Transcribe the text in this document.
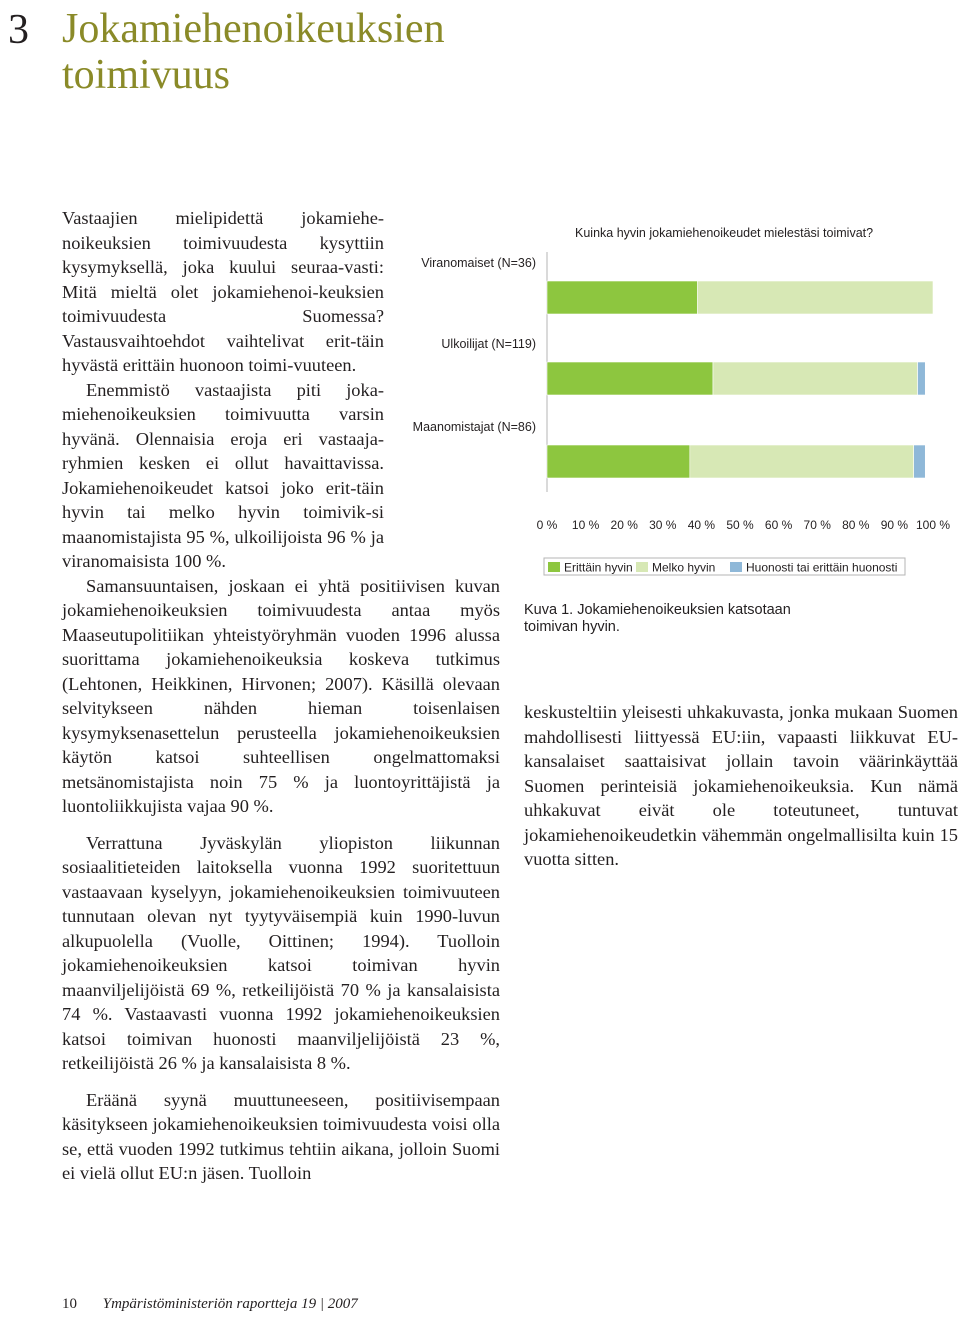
3 Jokamiehenoikeuksien
toimivuus

Vastaajien mielipidettä jokamiehe-noikeuksien toimivuudesta kysyttiin kysymyksellä, joka kuului seuraa-vasti: Mitä mieltä olet jokamiehenoi-keuksien toimivuudesta Suomessa? Vastausvaihtoehdot vaihtelivat erit-täin hyvästä erittäin huonoon toimi-vuuteen.

Enemmistö vastaajista piti joka-miehenoikeuksien toimivuutta varsin hyvänä. Olennaisia eroja eri vastaaja-ryhmien kesken ei ollut havaittavissa. Jokamiehenoikeudet katsoi joko erit-täin hyvin tai melko hyvin toimivik-si maanomistajista 95 %, ulkoilijoista 96 % ja viranomaisista 100 %.

Samansuuntaisen, joskaan ei yhtä positiivisen kuvan jokamiehenoikeuksien toimivuudesta antaa myös Maaseutupolitiikan yhteistyöryhmän vuoden 1996 alussa suorittama jokamiehenoikeuksia koskeva tutkimus (Lehtonen, Heikkinen, Hirvonen; 2007). Käsillä olevaan selvitykseen nähden hieman toisenlaisen kysymyksenasettelun perusteella jokamiehenoikeuksien käytön katsoi suhteellisen ongelmattomaksi metsänomistajista noin 75 % ja luontoyrittäjistä ja luontoliikkujista vajaa 90 %.

Verrattuna Jyväskylän yliopiston liikunnan sosiaalitieteiden laitoksella vuonna 1992 suoritettuun vastaavaan kyselyyn, jokamiehenoikeuksien toimivuuteen tunnutaan olevan nyt tyytyväisempiä kuin 1990-luvun alkupuolella (Vuolle, Oittinen; 1994). Tuolloin jokamiehenoikeuksien katsoi toimivan hyvin maanviljelijöistä 69 %, retkeilijöistä 70 % ja kansalaisista 74 %. Vastaavasti vuonna 1992 jokamiehenoikeuksien katsoi toimivan huonosti maanviljelijöistä 23 %, retkeilijöistä 26 % ja kansalaisista 8 %.

Eräänä syynä muuttuneeseen, positiivisempaan käsitykseen jokamiehenoikeuksien toimivuudesta voisi olla se, että vuoden 1992 tutkimus tehtiin aikana, jolloin Suomi ei vielä ollut EU:n jäsen. Tuolloin

keskusteltiin yleisesti uhkakuvasta, jonka mukaan Suomen mahdollisesti liittyessä EU:iin, vapaasti liikkuvat EU-kansalaiset saattaisivat jollain tavoin väärinkäyttää Suomen perinteisiä jokamiehenoikeuksia. Kun nämä uhkakuvat eivät ole toteutuneet, tuntuvat jokamiehenoikeudetkin vähemmän ongelmallisilta kuin 15 vuotta sitten.

Kuinka hyvin jokamiehenoikeudet mielestäsi toimivat?
Viranomaiset (N=36)
Ulkoilijat (N=119)
Maanomistajat (N=86)
0 % 10 % 20 % 30 % 40 % 50 % 60 % 70 % 80 % 90 % 100 %
Erittäin hyvin Melko hyvin	Huonosti tai erittäin huonosti
Kuva 1. Jokamiehenoikeuksien katsotaan
toimivan hyvin.
10 Ympäristöministeriön raportteja 19 | 2007
